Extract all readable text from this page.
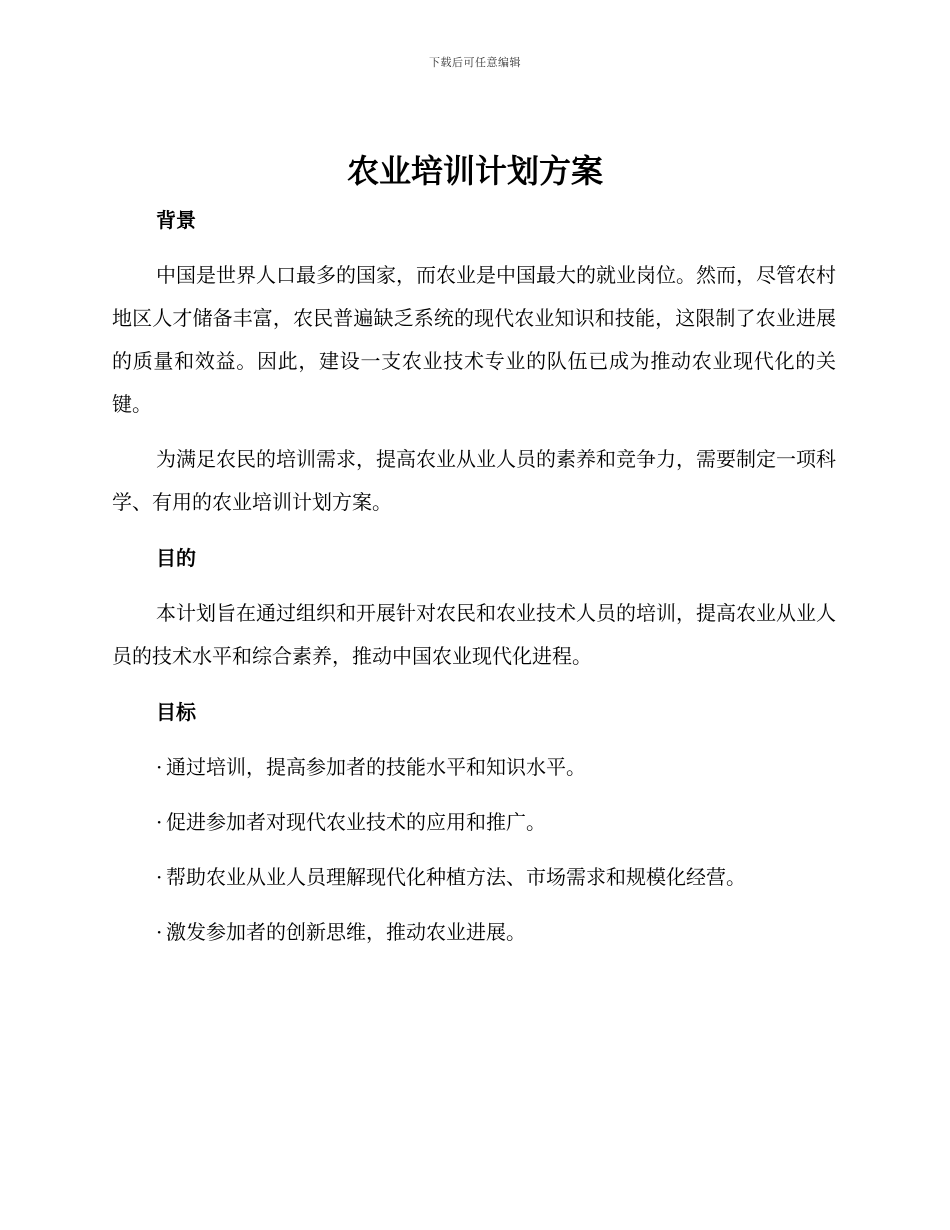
下载后可任意编辑
农业培训计划方案
背景

中国是世界人口最多的国家，而农业是中国最大的就业岗位。然而，尽管农村地区人才储备丰富，农民普遍缺乏系统的现代农业知识和技能，这限制了农业进展的质量和效益。因此，建设一支农业技术专业的队伍已成为推动农业现代化的关键。

为满足农民的培训需求，提高农业从业人员的素养和竞争力，需要制定一项科学、有用的农业培训计划方案。

目的

本计划旨在通过组织和开展针对农民和农业技术人员的培训，提高农业从业人员的技术水平和综合素养，推动中国农业现代化进程。

目标
· 通过培训，提高参加者的技能水平和知识水平。
· 促进参加者对现代农业技术的应用和推广。
· 帮助农业从业人员理解现代化种植方法、市场需求和规模化经营。
· 激发参加者的创新思维，推动农业进展。
